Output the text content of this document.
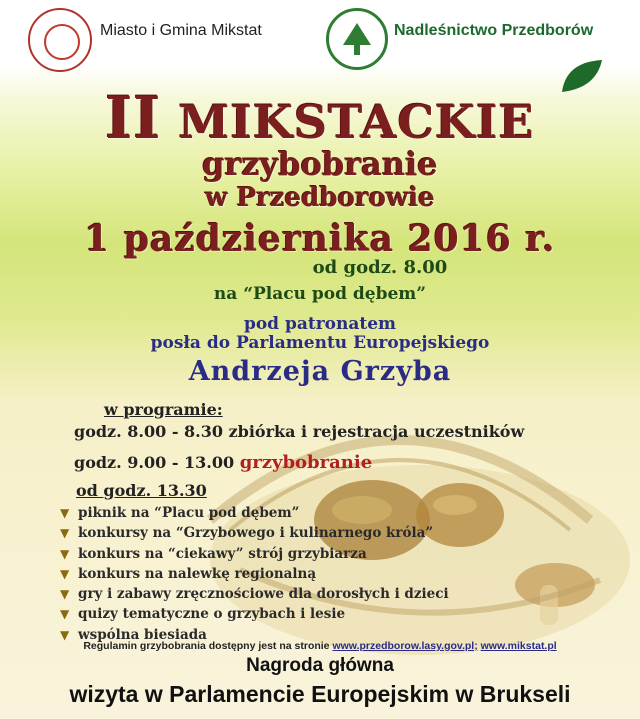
Miasto i Gmina Mikstat	Nadleśnictwo Przedborów
II MIKSTACKIE
grzybobranie
w Przedborowie
1 października 2016 r.
od godz. 8.00
na “Placu pod dębem”
pod patronatem
posła do Parlamentu Europejskiego
Andrzeja Grzyba
w programie:
godz. 8.00 - 8.30 zbiórka i rejestracja uczestników
godz. 9.00 - 13.00 grzybobranie
od godz. 13.30
▼ piknik na “Placu pod dębem”
▼ konkursy na “Grzybowego i kulinarnego króla”
▼ konkurs na “ciekawy” strój grzybiarza
▼ konkurs na nalewkę regionalną
▼ gry i zabawy zręcznościowe dla dorosłych i dzieci
▼ quizy tematyczne o grzybach i lesie
▼ wspólna biesiada
Regulamin grzybobrania dostępny jest na stronie www.przedborow.lasy.gov.pl; www.mikstat.pl
Nagroda główna
wizyta w Parlamencie Europejskim w Brukseli
